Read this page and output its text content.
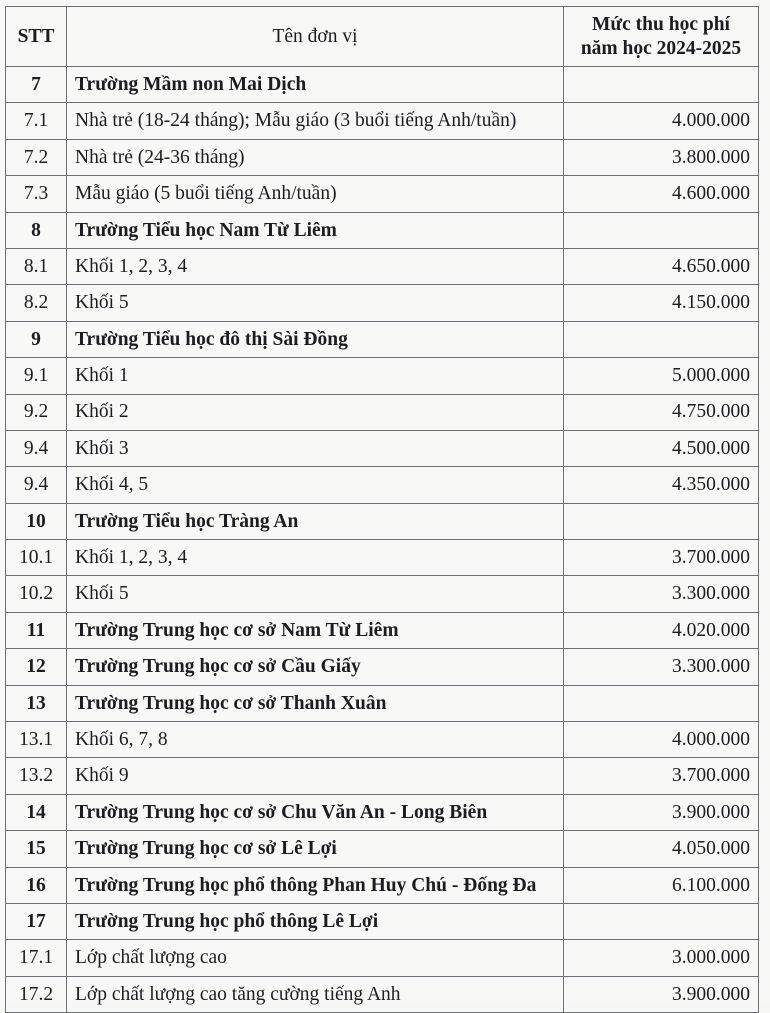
STT	Tên đơn vị	Mức thu học phí
năm học 2024-2025
7	Trường Mầm non Mai Dịch	
7.1	Nhà trẻ (18-24 tháng); Mẫu giáo (3 buổi tiếng Anh/tuần)	4.000.000
7.2	Nhà trẻ (24-36 tháng)	3.800.000
7.3	Mẫu giáo (5 buổi tiếng Anh/tuần)	4.600.000
8	Trường Tiểu học Nam Từ Liêm	
8.1	Khối 1, 2, 3, 4	4.650.000
8.2	Khối 5	4.150.000
9	Trường Tiểu học đô thị Sài Đồng	
9.1	Khối 1	5.000.000
9.2	Khối 2	4.750.000
9.4	Khối 3	4.500.000
9.4	Khối 4, 5	4.350.000
10	Trường Tiểu học Tràng An	
10.1	Khối 1, 2, 3, 4	3.700.000
10.2	Khối 5	3.300.000
11	Trường Trung học cơ sở Nam Từ Liêm	4.020.000
12	Trường Trung học cơ sở Cầu Giấy	3.300.000
13	Trường Trung học cơ sở Thanh Xuân	
13.1	Khối 6, 7, 8	4.000.000
13.2	Khối 9	3.700.000
14	Trường Trung học cơ sở Chu Văn An - Long Biên	3.900.000
15	Trường Trung học cơ sở Lê Lợi	4.050.000
16	Trường Trung học phổ thông Phan Huy Chú - Đống Đa	6.100.000
17	Trường Trung học phổ thông Lê Lợi	
17.1	Lớp chất lượng cao	3.000.000
17.2	Lớp chất lượng cao tăng cường tiếng Anh	3.900.000
